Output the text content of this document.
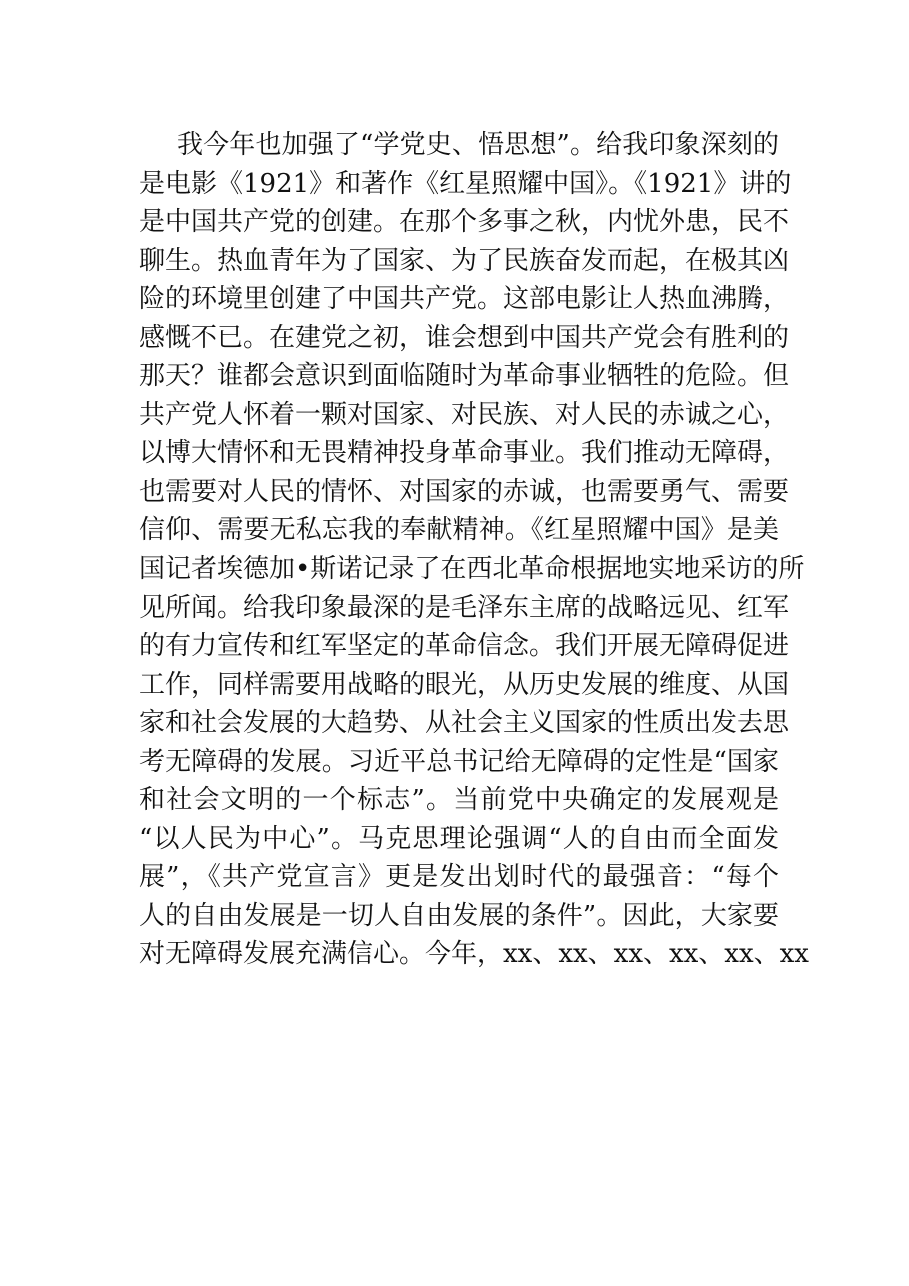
我今年也加强了“学党史、悟思想”。给我印象深刻的
是电影《1921》和著作《红星照耀中国》。《1921》讲的
是中国共产党的创建。在那个多事之秋，内忧外患，民不
聊生。热血青年为了国家、为了民族奋发而起，在极其凶
险的环境里创建了中国共产党。这部电影让人热血沸腾，
感慨不已。在建党之初，谁会想到中国共产党会有胜利的
那天？谁都会意识到面临随时为革命事业牺牲的危险。但
共产党人怀着一颗对国家、对民族、对人民的赤诚之心，
以博大情怀和无畏精神投身革命事业。我们推动无障碍，
也需要对人民的情怀、对国家的赤诚，也需要勇气、需要
信仰、需要无私忘我的奉献精神。《红星照耀中国》是美
国记者埃德加•斯诺记录了在西北革命根据地实地采访的所
见所闻。给我印象最深的是毛泽东主席的战略远见、红军
的有力宣传和红军坚定的革命信念。我们开展无障碍促进
工作，同样需要用战略的眼光，从历史发展的维度、从国
家和社会发展的大趋势、从社会主义国家的性质出发去思
考无障碍的发展。习近平总书记给无障碍的定性是“国家
和社会文明的一个标志”。当前党中央确定的发展观是
“以人民为中心”。马克思理论强调“人的自由而全面发
展”，《共产党宣言》更是发出划时代的最强音：“每个
人的自由发展是一切人自由发展的条件”。因此，大家要
对无障碍发展充满信心。今年，xx、xx、xx、xx、xx、xx
